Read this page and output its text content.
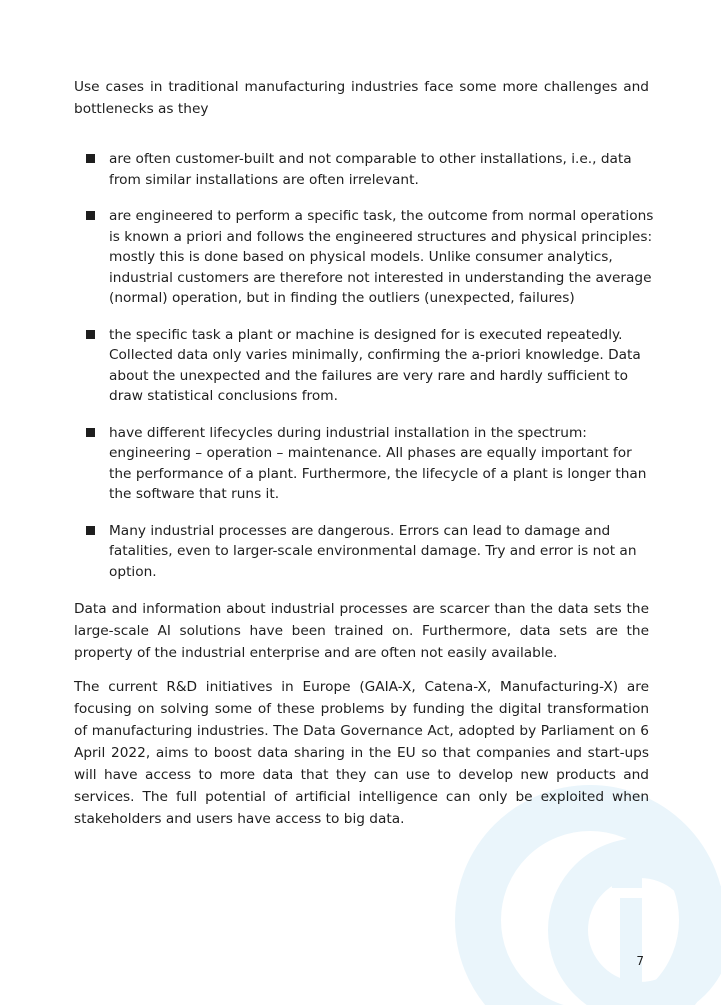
Use cases in traditional manufacturing industries face some more challenges and bottlenecks as they

are often customer-built and not comparable to other installations, i.e., data from similar installations are often irrelevant.
are engineered to perform a specific task, the outcome from normal operations is known a priori and follows the engineered structures and physical principles: mostly this is done based on physical models. Unlike consumer analytics, industrial customers are therefore not interested in understanding the average (normal) operation, but in finding the outliers (unexpected, failures)
the specific task a plant or machine is designed for is executed repeatedly. Collected data only varies minimally, confirming the a-priori knowledge. Data about the unexpected and the failures are very rare and hardly sufficient to draw statistical conclusions from.
have different lifecycles during industrial installation in the spectrum: engineering – operation – maintenance. All phases are equally important for the performance of a plant. Furthermore, the lifecycle of a plant is longer than the software that runs it.
Many industrial processes are dangerous. Errors can lead to damage and fatalities, even to larger-scale environmental damage. Try and error is not an option.

Data and information about industrial processes are scarcer than the data sets the large-scale AI solutions have been trained on. Furthermore, data sets are the property of the industrial enterprise and are often not easily available.

The current R&D initiatives in Europe (GAIA-X, Catena-X, Manufacturing-X) are focusing on solving some of these problems by funding the digital transformation of manufacturing industries. The Data Governance Act, adopted by Parliament on 6 April 2022, aims to boost data sharing in the EU so that companies and start-ups will have access to more data that they can use to develop new products and services. The full potential of artificial intelligence can only be exploited when stakeholders and users have access to big data.

7
